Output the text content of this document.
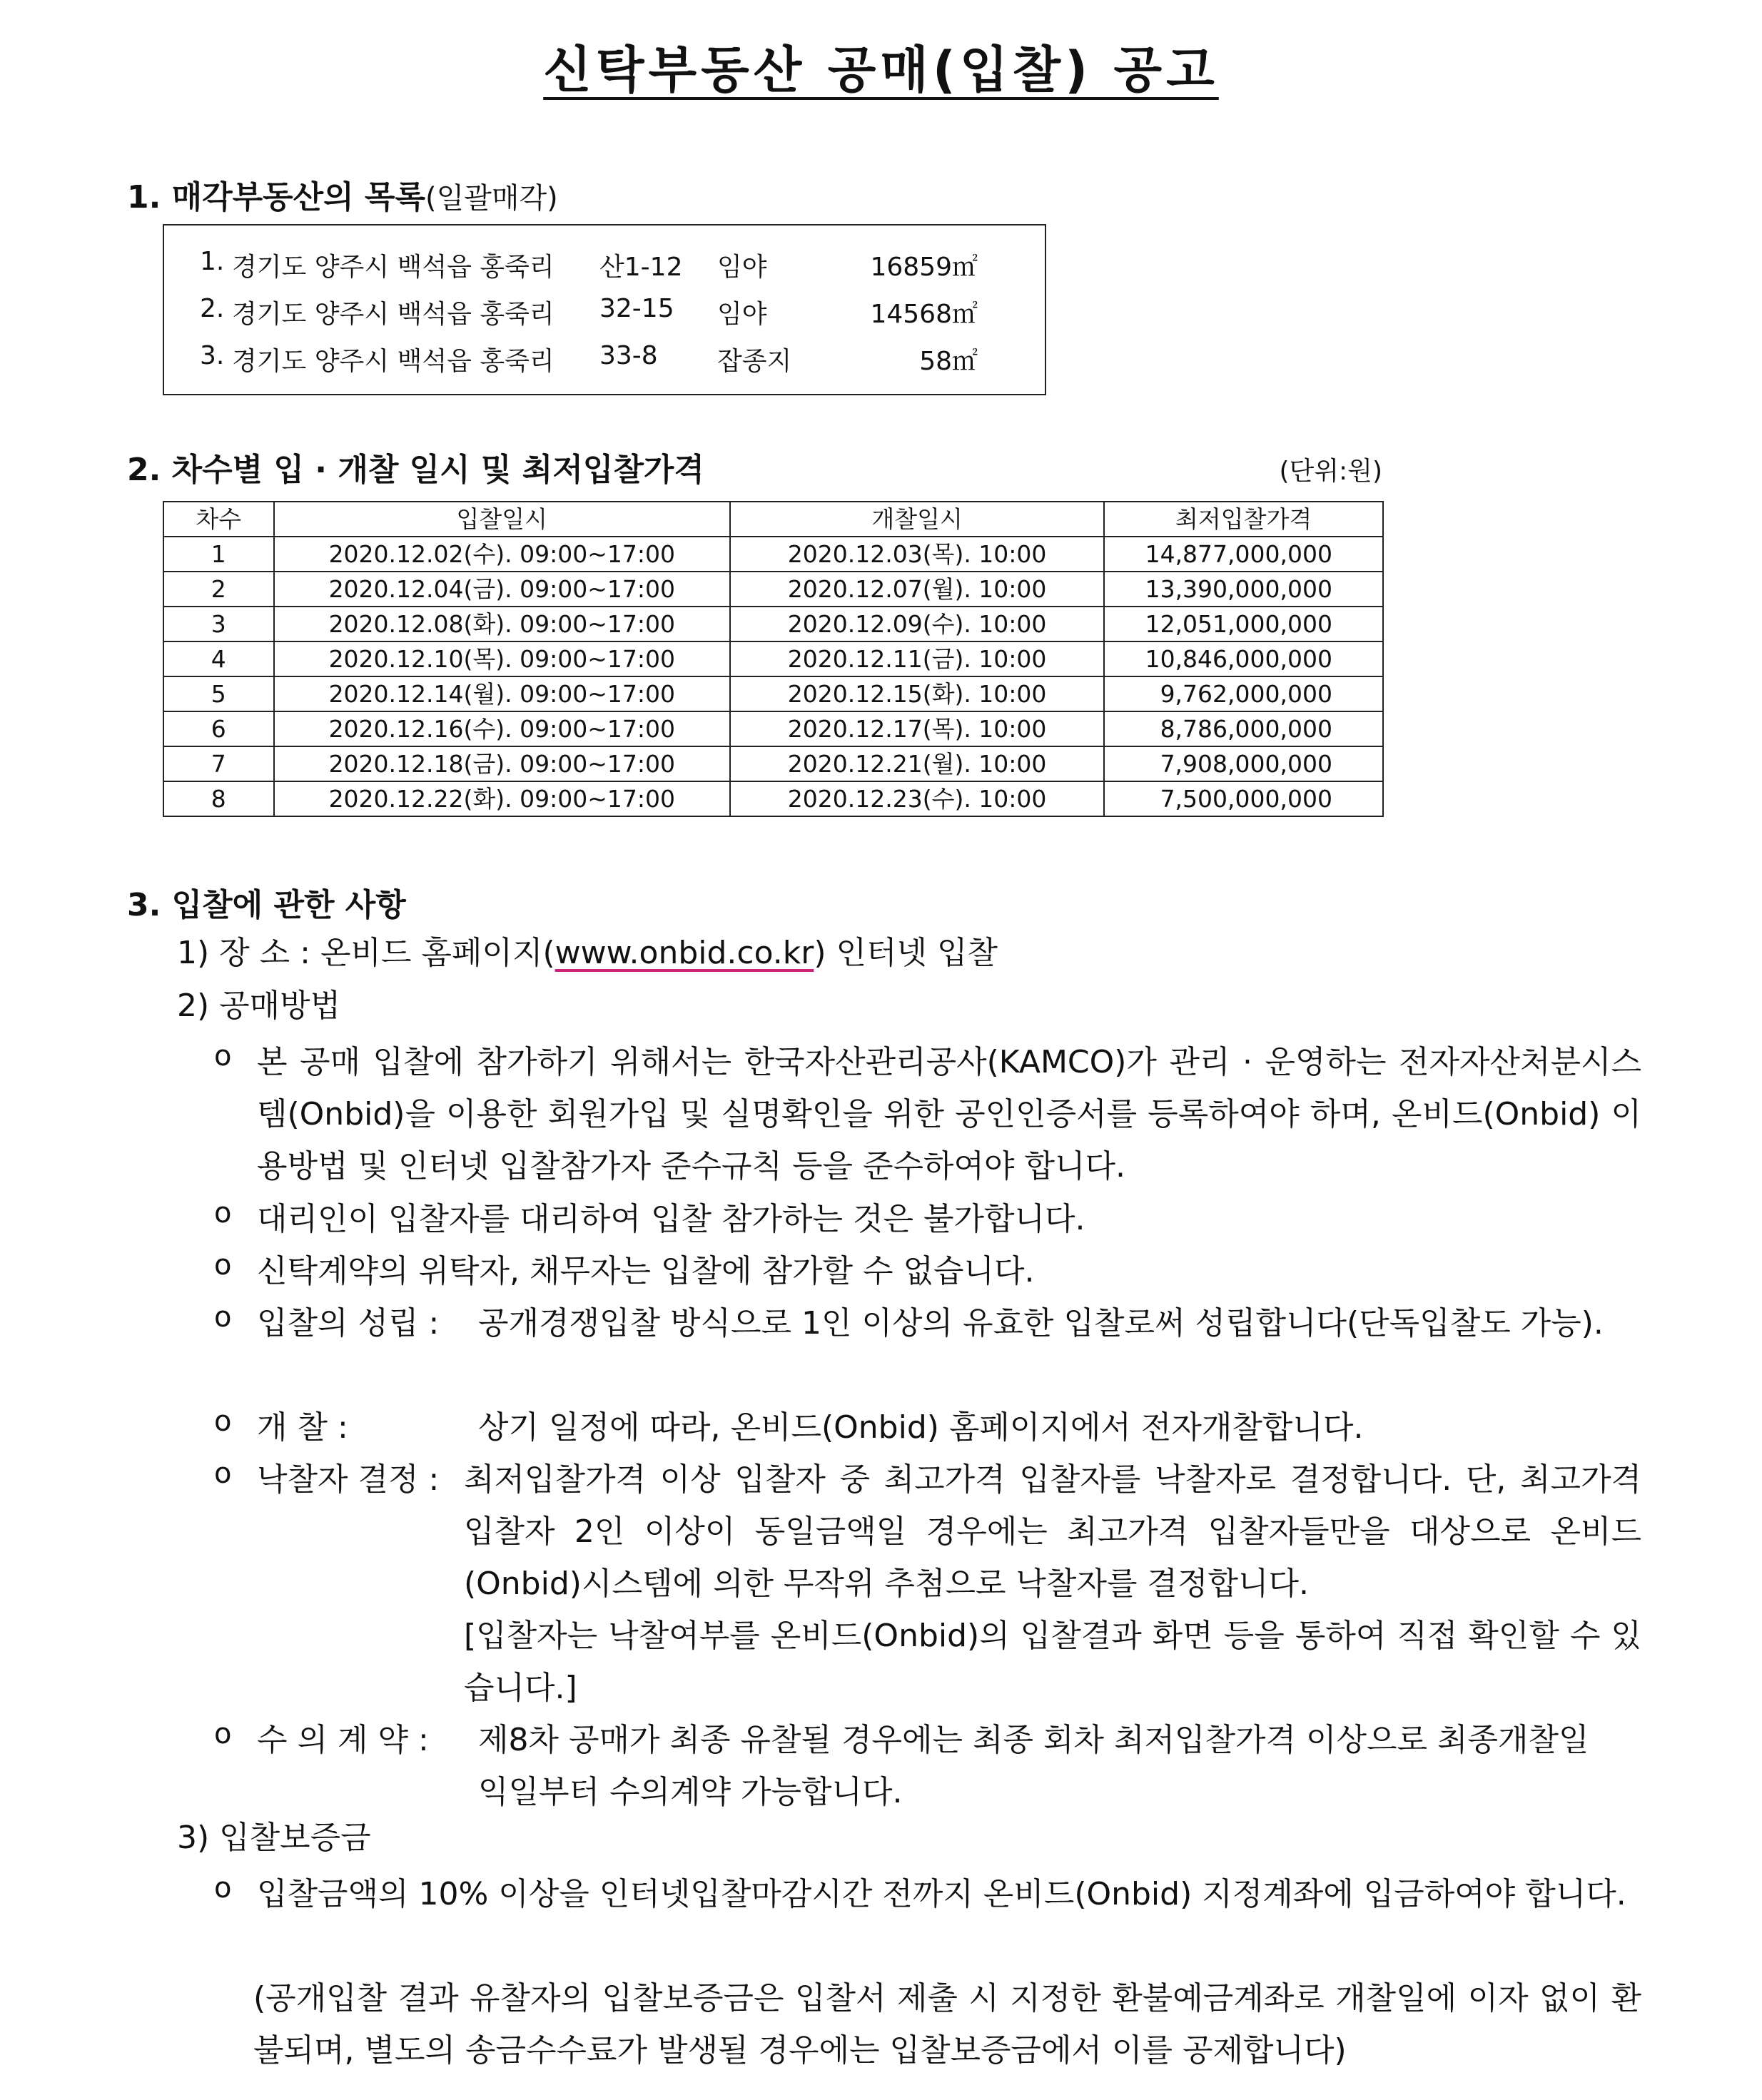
신탁부동산 공매(입찰) 공고
1. 매각부동산의 목록(일괄매각)
1. 경기도 양주시 백석읍 홍죽리 산1-12 임야	16859㎡
2. 경기도 양주시 백석읍 홍죽리 32-15 임야	14568㎡
3. 경기도 양주시 백석읍 홍죽리 33-8 잡종지	58㎡
2. 차수별 입 · 개찰 일시 및 최저입찰가격	(단위:원)
차수	입찰일시	개찰일시	최저입찰가격
1	2020.12.02(수). 09:00~17:00	2020.12.03(목). 10:00	14,877,000,000
2	2020.12.04(금). 09:00~17:00	2020.12.07(월). 10:00	13,390,000,000
3	2020.12.08(화). 09:00~17:00	2020.12.09(수). 10:00	12,051,000,000
4	2020.12.10(목). 09:00~17:00	2020.12.11(금). 10:00	10,846,000,000
5	2020.12.14(월). 09:00~17:00	2020.12.15(화). 10:00	9,762,000,000
6	2020.12.16(수). 09:00~17:00	2020.12.17(목). 10:00	8,786,000,000
7	2020.12.18(금). 09:00~17:00	2020.12.21(월). 10:00	7,908,000,000
8	2020.12.22(화). 09:00~17:00	2020.12.23(수). 10:00	7,500,000,000
3. 입찰에 관한 사항
1) 장 소 : 온비드 홈페이지(www.onbid.co.kr) 인터넷 입찰
2) 공매방법
o 본 공매 입찰에 참가하기 위해서는 한국자산관리공사(KAMCO)가 관리 · 운영하는 전자자산처분시스템(Onbid)을 이용한 회원가입 및 실명확인을 위한 공인인증서를 등록하여야 하며, 온비드(Onbid) 이용방법 및 인터넷 입찰참가자 준수규칙 등을 준수하여야 합니다.
o 대리인이 입찰자를 대리하여 입찰 참가하는 것은 불가합니다.
o 신탁계약의 위탁자, 채무자는 입찰에 참가할 수 없습니다.
o 입찰의 성립 :	공개경쟁입찰 방식으로 1인 이상의 유효한 입찰로써 성립합니다(단독입찰도 가능).
o 개 찰 :	상기 일정에 따라, 온비드(Onbid) 홈페이지에서 전자개찰합니다.
o 낙찰자 결정 : 최저입찰가격 이상 입찰자 중 최고가격 입찰자를 낙찰자로 결정합니다. 단, 최고가격 입찰자 2인 이상이 동일금액일 경우에는 최고가격 입찰자들만을 대상으로 온비드(Onbid)시스템에 의한 무작위 추첨으로 낙찰자를 결정합니다.
[입찰자는 낙찰여부를 온비드(Onbid)의 입찰결과 화면 등을 통하여 직접 확인할 수 있습니다.]
o 수 의 계 약 :	제8차 공매가 최종 유찰될 경우에는 최종 회차 최저입찰가격 이상으로 최종개찰일 익일부터 수의계약 가능합니다.
3) 입찰보증금
o 입찰금액의 10% 이상을 인터넷입찰마감시간 전까지 온비드(Onbid) 지정계좌에 입금하여야 합니다.
(공개입찰 결과 유찰자의 입찰보증금은 입찰서 제출 시 지정한 환불예금계좌로 개찰일에 이자 없이 환불되며, 별도의 송금수수료가 발생될 경우에는 입찰보증금에서 이를 공제합니다)
